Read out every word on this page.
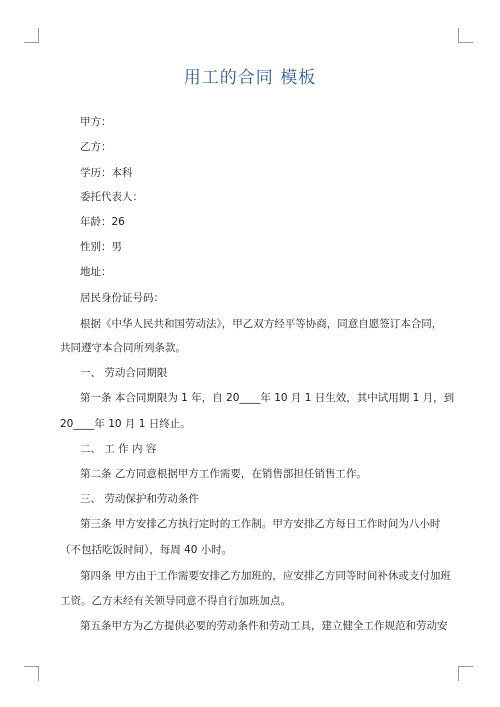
用工的合同 模板
甲方：
乙方：
学历：本科
委托代表人：
年龄：26
性别：男
地址：
居民身份证号码：
根据《中华人民共和国劳动法》，甲乙双方经平等协商，同意自愿签订本合同，
共同遵守本合同所列条款。
一、 劳动合同期限
第一条 本合同期限为 1 年，自 20____年 10 月 1 日生效，其中试用期 1 月，到
20____年 10 月 1 日终止。
二、 工 作 内 容
第二条 乙方同意根据甲方工作需要，在销售部担任销售工作。
三、 劳动保护和劳动条件
第三条 甲方安排乙方执行定时的工作制。甲方安排乙方每日工作时间为八小时
（不包括吃饭时间），每周 40 小时。
第四条 甲方由于工作需要安排乙方加班的，应安排乙方同等时间补休或支付加班
工资。乙方未经有关领导同意不得自行加班加点。
第五条甲方为乙方提供必要的劳动条件和劳动工具，建立健全工作规范和劳动安
